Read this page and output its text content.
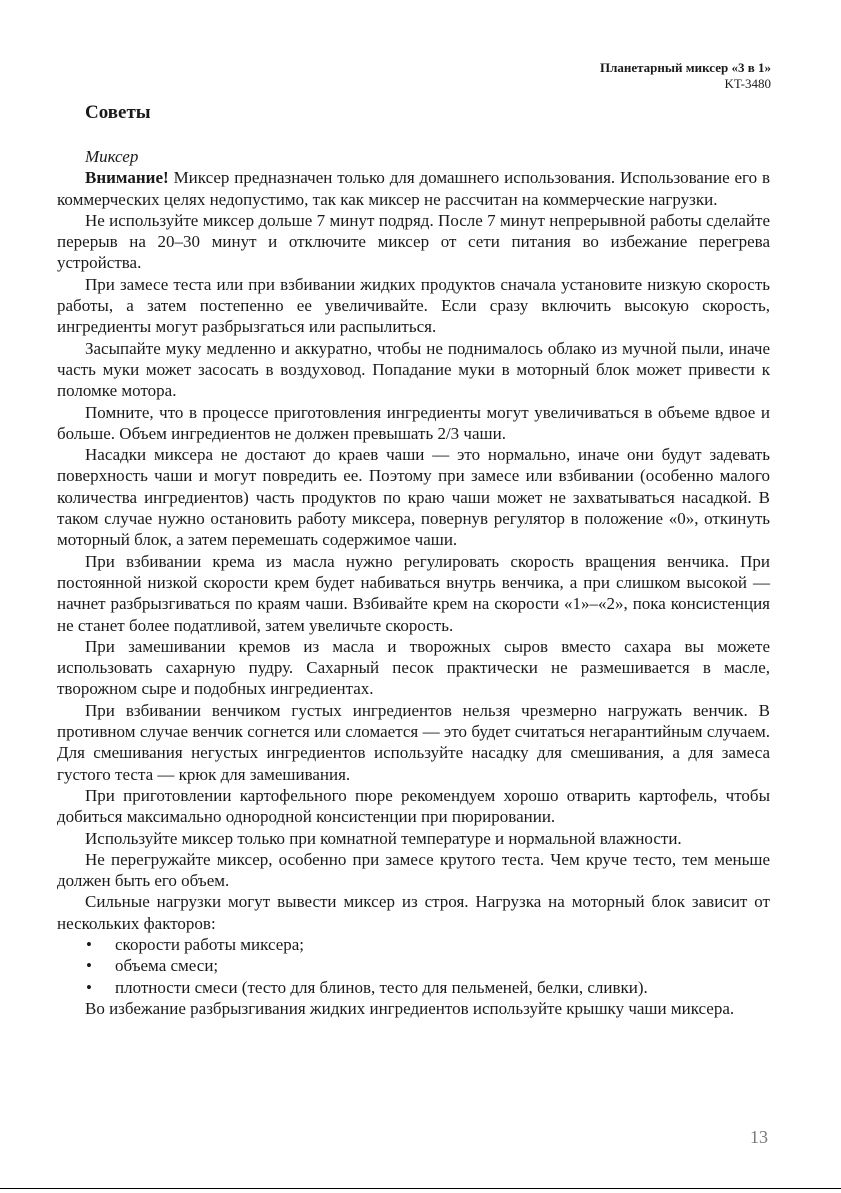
Планетарный миксер «3 в 1»
KT-3480
Советы
Миксер

Внимание! Миксер предназначен только для домашнего использования. Использование его в коммерческих целях недопустимо, так как миксер не рассчитан на коммерческие нагрузки.

Не используйте миксер дольше 7 минут подряд. После 7 минут непрерывной работы сделайте перерыв на 20–30 минут и отключите миксер от сети питания во избежание перегрева устройства.

При замесе теста или при взбивании жидких продуктов сначала установите низкую скорость работы, а затем постепенно ее увеличивайте. Если сразу включить высокую скорость, ингредиенты могут разбрызгаться или распылиться.

Засыпайте муку медленно и аккуратно, чтобы не поднималось облако из мучной пыли, иначе часть муки может засосать в воздуховод. Попадание муки в моторный блок может привести к поломке мотора.

Помните, что в процессе приготовления ингредиенты могут увеличиваться в объеме вдвое и больше. Объем ингредиентов не должен превышать 2/3 чаши.

Насадки миксера не достают до краев чаши — это нормально, иначе они будут задевать поверхность чаши и могут повредить ее. Поэтому при замесе или взбивании (особенно малого количества ингредиентов) часть продуктов по краю чаши может не захватываться насадкой. В таком случае нужно остановить работу миксера, повернув регулятор в положение «0», откинуть моторный блок, а затем перемешать содержимое чаши.

При взбивании крема из масла нужно регулировать скорость вращения венчика. При постоянной низкой скорости крем будет набиваться внутрь венчика, а при слишком высокой — начнет разбрызгиваться по краям чаши. Взбивайте крем на скорости «1»–«2», пока консистенция не станет более податливой, затем увеличьте скорость.

При замешивании кремов из масла и творожных сыров вместо сахара вы можете использовать сахарную пудру. Сахарный песок практически не размешивается в масле, творожном сыре и подобных ингредиентах.

При взбивании венчиком густых ингредиентов нельзя чрезмерно нагружать венчик. В противном случае венчик согнется или сломается — это будет считаться негарантийным случаем. Для смешивания негустых ингредиентов используйте насадку для смешивания, а для замеса густого теста — крюк для замешивания.

При приготовлении картофельного пюре рекомендуем хорошо отварить картофель, чтобы добиться максимально однородной консистенции при пюрировании.

Используйте миксер только при комнатной температуре и нормальной влажности.

Не перегружайте миксер, особенно при замесе крутого теста. Чем круче тесто, тем меньше должен быть его объем.

Сильные нагрузки могут вывести миксер из строя. Нагрузка на моторный блок зависит от нескольких факторов:

• скорости работы миксера;
• объема смеси;
• плотности смеси (тесто для блинов, тесто для пельменей, белки, сливки).

Во избежание разбрызгивания жидких ингредиентов используйте крышку чаши миксера.

13
